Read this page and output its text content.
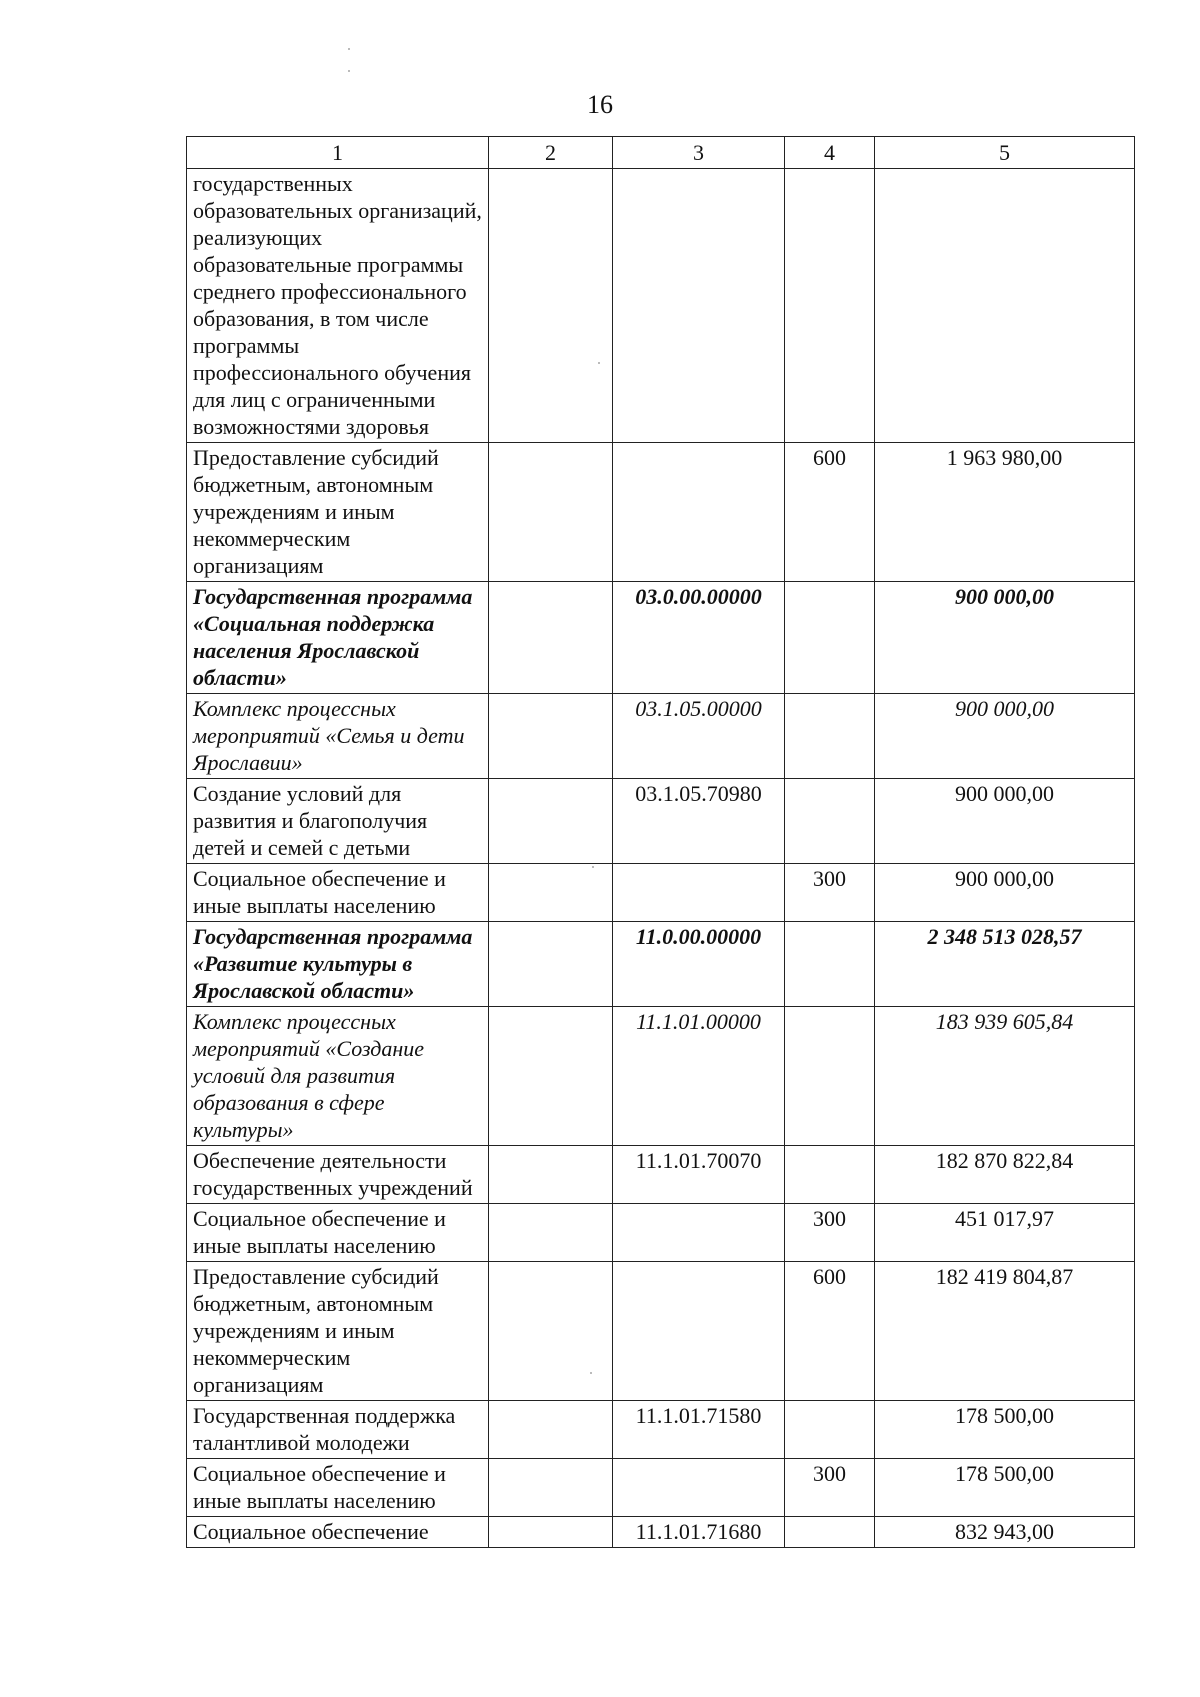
16
1	2	3	4	5
государственных образовательных организаций, реализующих образовательные программы среднего профессионального образования, в том числе программы профессионального обучения для лиц с ограниченными возможностями здоровья				
Предоставление субсидий бюджетным, автономным учреждениям и иным некоммерческим организациям			600	1 963 980,00
Государственная программа «Социальная поддержка населения Ярославской области»		03.0.00.00000		900 000,00
Комплекс процессных мероприятий «Семья и дети Ярославии»		03.1.05.00000		900 000,00
Создание условий для развития и благополучия детей и семей с детьми		03.1.05.70980		900 000,00
Социальное обеспечение и иные выплаты населению			300	900 000,00
Государственная программа «Развитие культуры в Ярославской области»		11.0.00.00000		2 348 513 028,57
Комплекс процессных мероприятий «Создание условий для развития образования в сфере культуры»		11.1.01.00000		183 939 605,84
Обеспечение деятельности государственных учреждений		11.1.01.70070		182 870 822,84
Социальное обеспечение и иные выплаты населению			300	451 017,97
Предоставление субсидий бюджетным, автономным учреждениям и иным некоммерческим организациям			600	182 419 804,87
Государственная поддержка талантливой молодежи		11.1.01.71580		178 500,00
Социальное обеспечение и иные выплаты населению			300	178 500,00
Социальное обеспечение		11.1.01.71680		832 943,00
